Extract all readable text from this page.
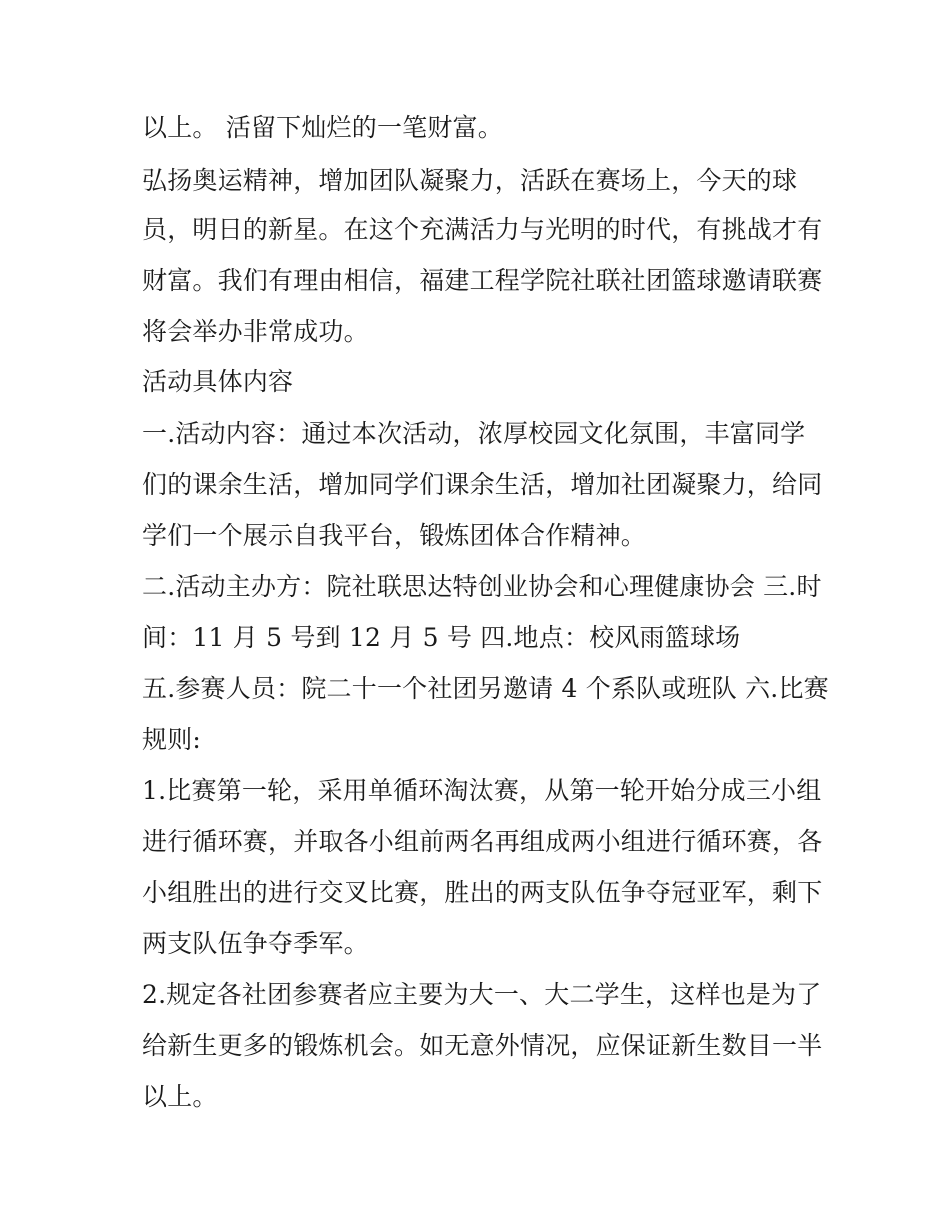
以上。 活留下灿烂的一笔财富。
弘扬奥运精神，增加团队凝聚力，活跃在赛场上，今天的球
员，明日的新星。在这个充满活力与光明的时代，有挑战才有
财富。我们有理由相信，福建工程学院社联社团篮球邀请联赛
将会举办非常成功。
活动具体内容
一.活动内容：通过本次活动，浓厚校园文化氛围，丰富同学
们的课余生活，增加同学们课余生活，增加社团凝聚力，给同
学们一个展示自我平台，锻炼团体合作精神。
二.活动主办方：院社联思达特创业协会和心理健康协会 三.时
间：11 月 5 号到 12 月 5 号 四.地点：校风雨篮球场
五.参赛人员：院二十一个社团另邀请 4 个系队或班队 六.比赛
规则:
1.比赛第一轮，采用单循环淘汰赛，从第一轮开始分成三小组
进行循环赛，并取各小组前两名再组成两小组进行循环赛，各
小组胜出的进行交叉比赛，胜出的两支队伍争夺冠亚军，剩下
两支队伍争夺季军。
2.规定各社团参赛者应主要为大一、大二学生，这样也是为了
给新生更多的锻炼机会。如无意外情况，应保证新生数目一半
以上。
